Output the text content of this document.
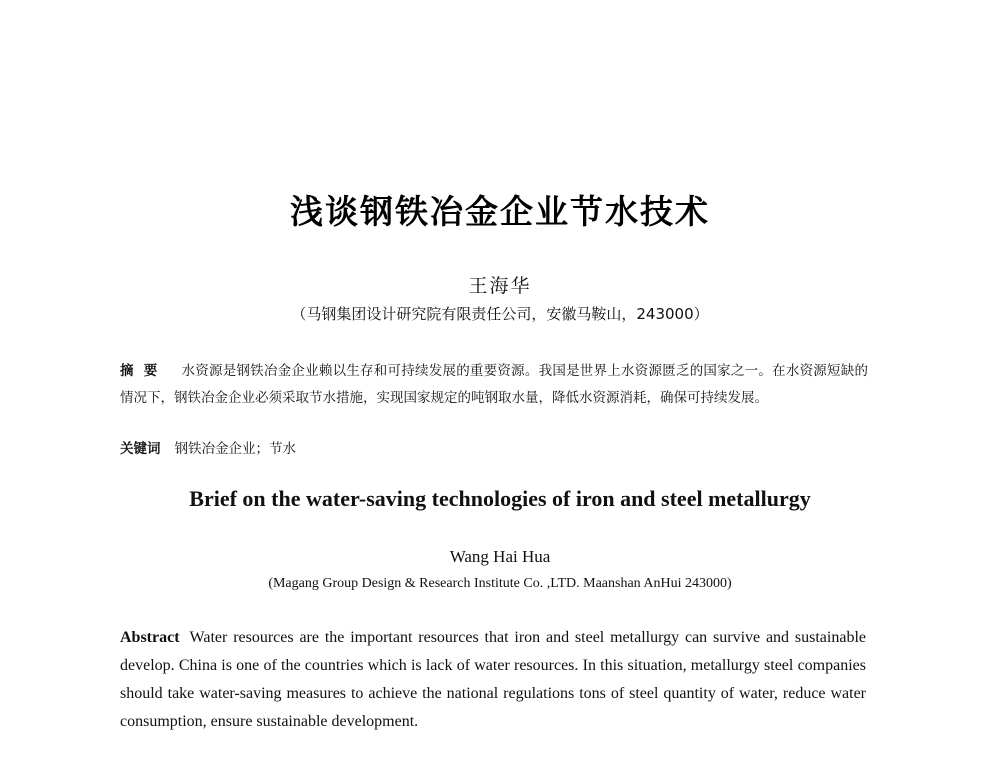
浅谈钢铁冶金企业节水技术
王海华
（马钢集团设计研究院有限责任公司，安徽马鞍山，243000）
摘要 水资源是钢铁冶金企业赖以生存和可持续发展的重要资源。我国是世界上水资源匮乏的国家之一。在水资源短缺的情况下，钢铁冶金企业必须采取节水措施，实现国家规定的吨钢取水量，降低水资源消耗，确保可持续发展。
关键词 钢铁冶金企业；节水
Brief on the water-saving technologies of iron and steel metallurgy
Wang Hai Hua
(Magang Group Design & Research Institute Co. ,LTD. Maanshan AnHui 243000)
Abstract Water resources are the important resources that iron and steel metallurgy can survive and sustainable develop. China is one of the countries which is lack of water resources. In this situation, metallurgy steel companies should take water-saving measures to achieve the national regulations tons of steel quantity of water, reduce water consumption, ensure sustainable development.
